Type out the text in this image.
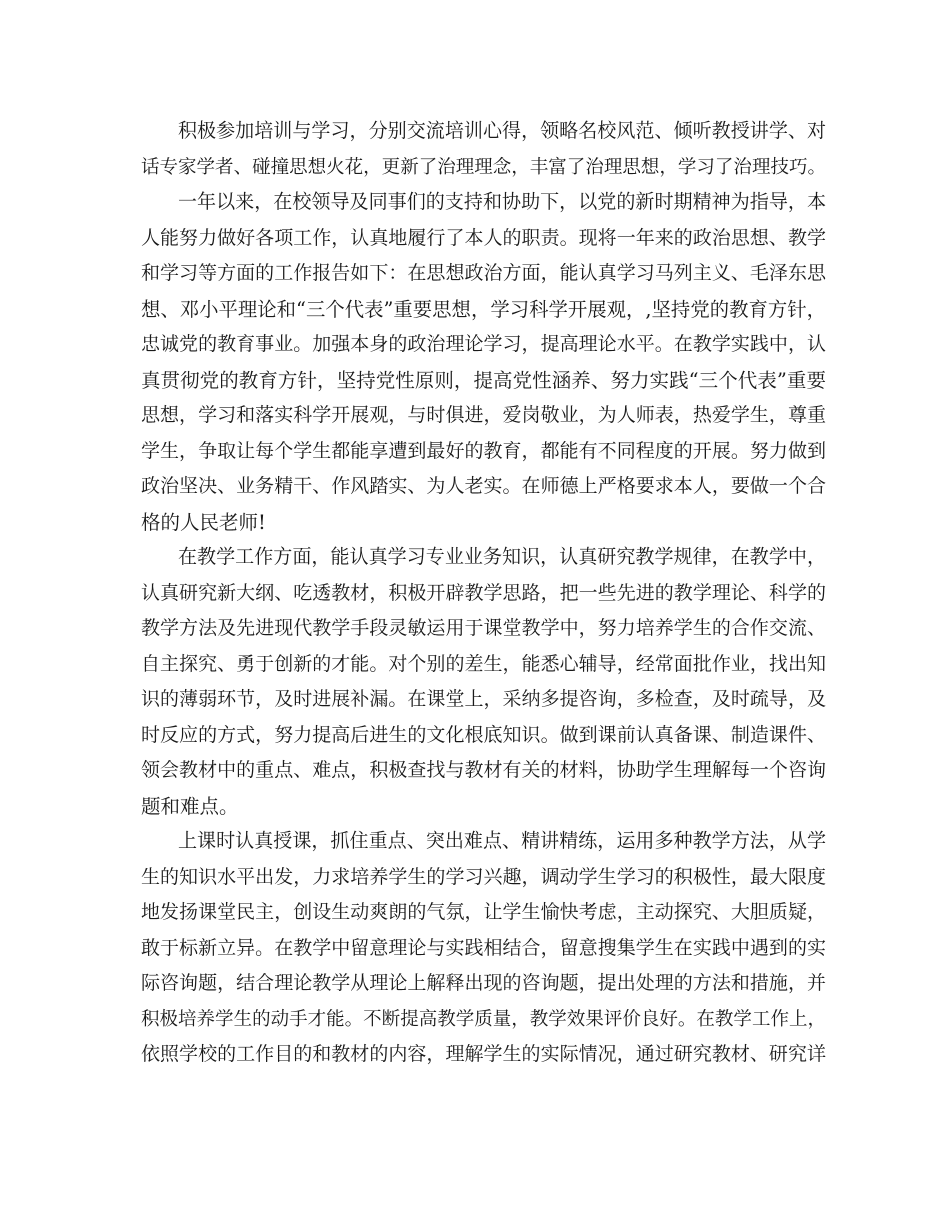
积极参加培训与学习，分别交流培训心得，领略名校风范、倾听教授讲学、对
话专家学者、碰撞思想火花，更新了治理理念，丰富了治理思想，学习了治理技巧。
一年以来，在校领导及同事们的支持和协助下，以党的新时期精神为指导，本
人能努力做好各项工作，认真地履行了本人的职责。现将一年来的政治思想、教学
和学习等方面的工作报告如下：在思想政治方面，能认真学习马列主义、毛泽东思
想、邓小平理论和“三个代表”重要思想，学习科学开展观，,坚持党的教育方针，
忠诚党的教育事业。加强本身的政治理论学习，提高理论水平。在教学实践中，认
真贯彻党的教育方针，坚持党性原则，提高党性涵养、努力实践“三个代表”重要
思想，学习和落实科学开展观，与时俱进，爱岗敬业，为人师表，热爱学生，尊重
学生，争取让每个学生都能享遭到最好的教育，都能有不同程度的开展。努力做到
政治坚决、业务精干、作风踏实、为人老实。在师德上严格要求本人，要做一个合
格的人民老师!
在教学工作方面，能认真学习专业业务知识，认真研究教学规律，在教学中，
认真研究新大纲、吃透教材，积极开辟教学思路，把一些先进的教学理论、科学的
教学方法及先进现代教学手段灵敏运用于课堂教学中，努力培养学生的合作交流、
自主探究、勇于创新的才能。对个别的差生，能悉心辅导，经常面批作业，找出知
识的薄弱环节，及时进展补漏。在课堂上，采纳多提咨询，多检查，及时疏导，及
时反应的方式，努力提高后进生的文化根底知识。做到课前认真备课、制造课件、
领会教材中的重点、难点，积极查找与教材有关的材料，协助学生理解每一个咨询
题和难点。
上课时认真授课，抓住重点、突出难点、精讲精练，运用多种教学方法，从学
生的知识水平出发，力求培养学生的学习兴趣，调动学生学习的积极性，最大限度
地发扬课堂民主，创设生动爽朗的气氛，让学生愉快考虑，主动探究、大胆质疑，
敢于标新立异。在教学中留意理论与实践相结合，留意搜集学生在实践中遇到的实
际咨询题，结合理论教学从理论上解释出现的咨询题，提出处理的方法和措施，并
积极培养学生的动手才能。不断提高教学质量，教学效果评价良好。在教学工作上，
依照学校的工作目的和教材的内容，理解学生的实际情况，通过研究教材、研究详
